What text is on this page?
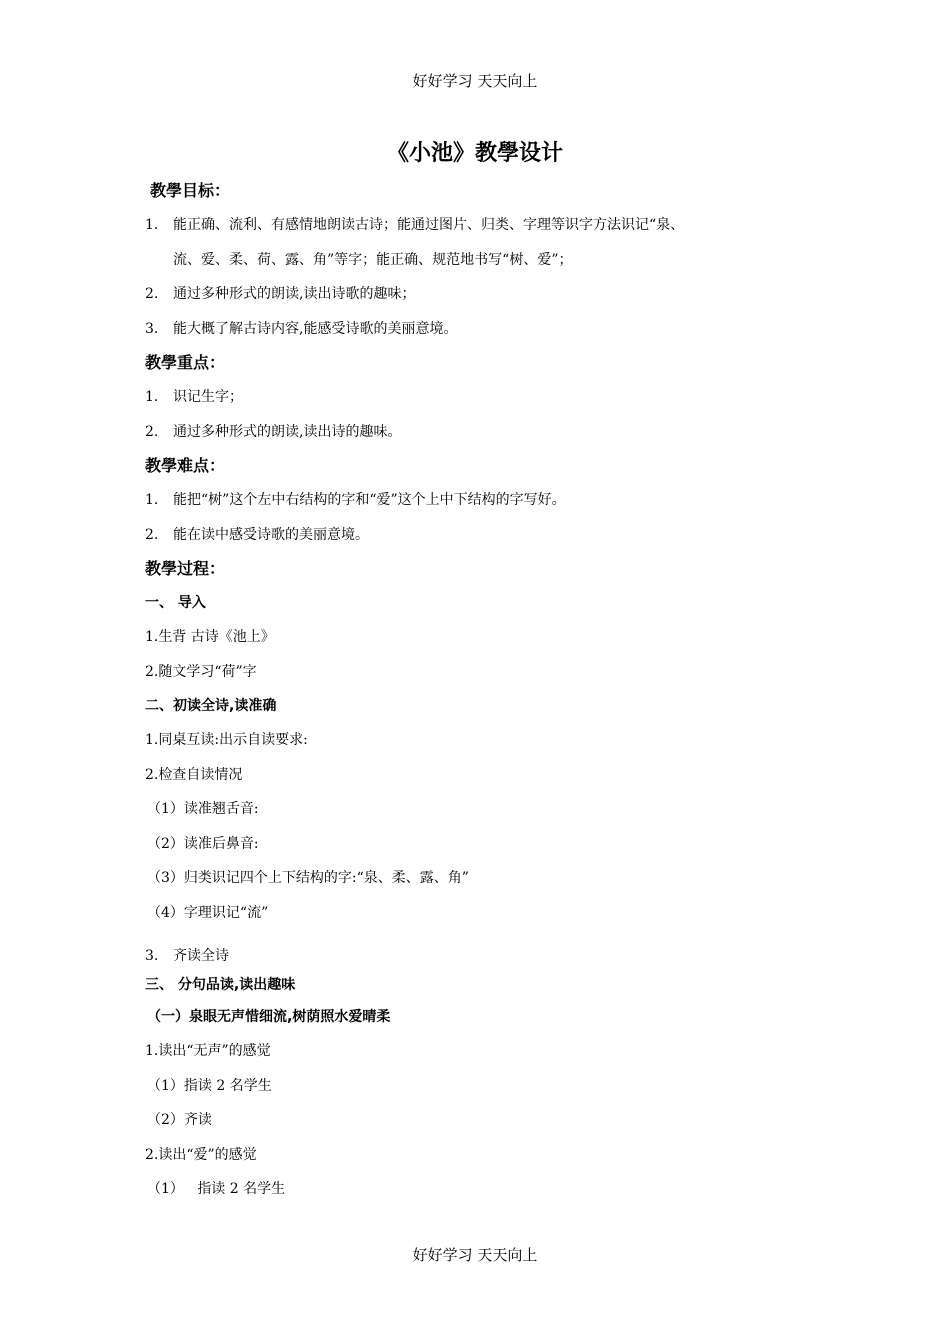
好好学习 天天向上
《小池》教學设计
教學目标：
1. 能正确、流利、有感情地朗读古诗；能通过图片、归类、字理等识字方法识记“泉、
流、爱、柔、荷、露、角”等字；能正确、规范地书写“树、爱”；
2. 通过多种形式的朗读,读出诗歌的趣味；
3. 能大概了解古诗内容,能感受诗歌的美丽意境。
教學重点：
1. 识记生字；
2. 通过多种形式的朗读,读出诗的趣味。
教學难点：
1. 能把“树”这个左中右结构的字和“爱”这个上中下结构的字写好。
2. 能在读中感受诗歌的美丽意境。
教學过程：
一、 导入
1.生背 古诗《池上》
2.随文学习“荷”字
二、初读全诗,读准确
1.同桌互读:出示自读要求:
2.检查自读情况
（1）读准翘舌音:
（2）读准后鼻音:
（3）归类识记四个上下结构的字:“泉、柔、露、角”
（4）字理识记“流”
3. 齐读全诗
三、 分句品读,读出趣味
（一）泉眼无声惜细流,树荫照水爱晴柔
1.读出“无声”的感觉
（1）指读 2 名学生
（2）齐读
2.读出“爱”的感觉
（1）   指读 2 名学生
好好学习 天天向上
